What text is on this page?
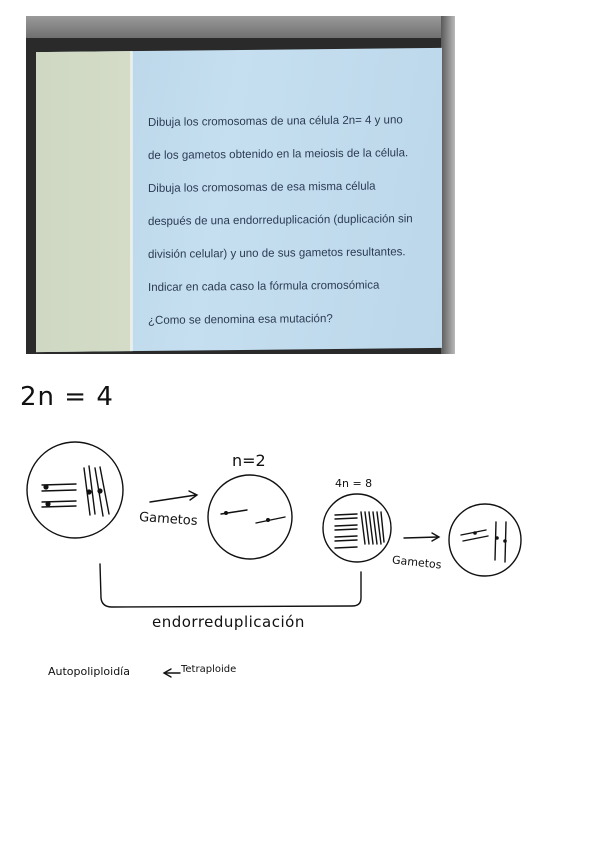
Dibuja los cromosomas de una célula 2n= 4 y uno
de los gametos obtenido en la meiosis de la célula.
Dibuja los cromosomas de esa misma célula
después de una endorreduplicación (duplicación sin
división celular) y uno de sus gametos resultantes.
Indicar en cada caso la fórmula cromosómica
¿Como se denomina esa mutación?
2n = 4
n=2
4n = 8
Gametos
Gametos
endorreduplicación
Autopoliploidía	Tetraploide
